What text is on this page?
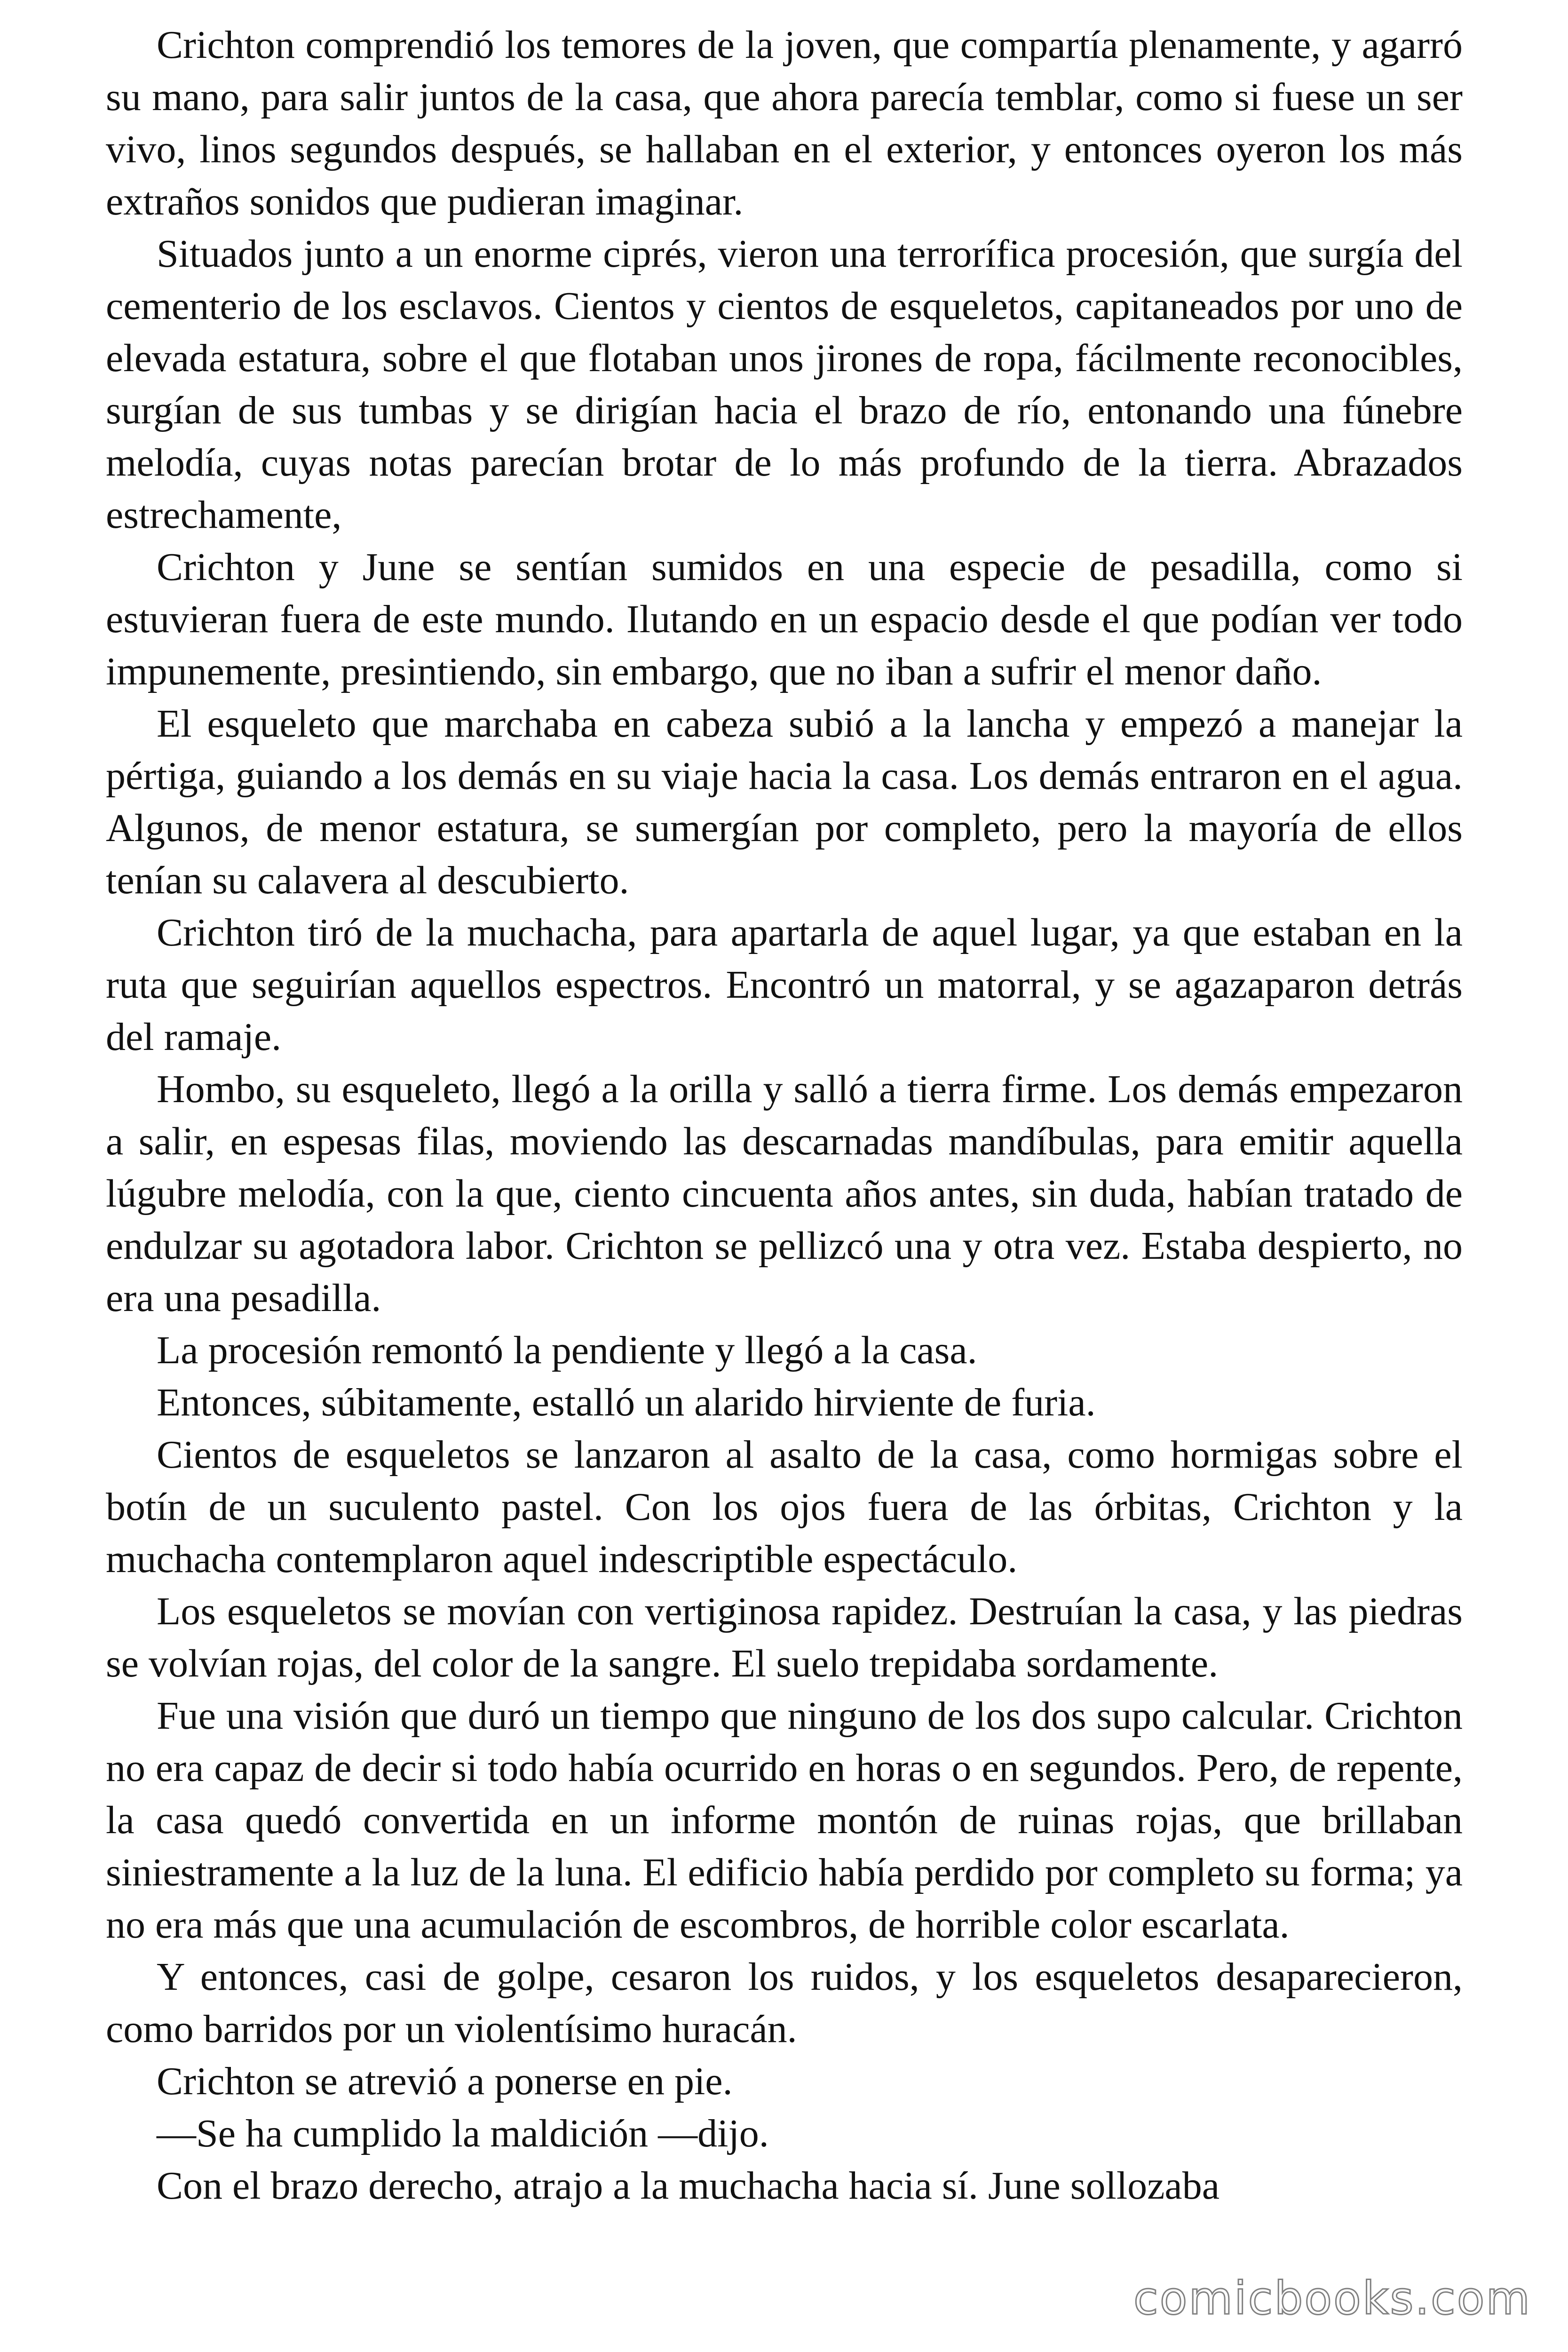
Crichton comprendió los temores de la joven, que compartía plenamente, y agarró su mano, para salir juntos de la casa, que ahora parecía temblar, como si fuese un ser vivo, linos segundos después, se hallaban en el exterior, y entonces oyeron los más extraños sonidos que pudieran imaginar.

Situados junto a un enorme ciprés, vieron una terrorífica procesión, que surgía del cementerio de los esclavos. Cientos y cientos de esqueletos, capitaneados por uno de elevada estatura, sobre el que flotaban unos jirones de ropa, fácilmente reconocibles, surgían de sus tumbas y se dirigían hacia el brazo de río, entonando una fúnebre melodía, cuyas notas parecían brotar de lo más profundo de la tierra. Abrazados estrechamente,

Crichton y June se sentían sumidos en una especie de pesadilla, como si estuvieran fuera de este mundo. Ilutando en un espacio desde el que podían ver todo impunemente, presintiendo, sin embargo, que no iban a sufrir el menor daño.

El esqueleto que marchaba en cabeza subió a la lancha y empezó a manejar la pértiga, guiando a los demás en su viaje hacia la casa. Los demás entraron en el agua. Algunos, de menor estatura, se sumergían por completo, pero la mayoría de ellos tenían su calavera al descubierto.

Crichton tiró de la muchacha, para apartarla de aquel lugar, ya que estaban en la ruta que seguirían aquellos espectros. Encontró un matorral, y se agazaparon detrás del ramaje.

Hombo, su esqueleto, llegó a la orilla y salló a tierra firme. Los demás empezaron a salir, en espesas filas, moviendo las descarnadas mandíbulas, para emitir aquella lúgubre melodía, con la que, ciento cincuenta años antes, sin duda, habían tratado de endulzar su agotadora labor. Crichton se pellizcó una y otra vez. Estaba despierto, no era una pesadilla.

La procesión remontó la pendiente y llegó a la casa.

Entonces, súbitamente, estalló un alarido hirviente de furia.

Cientos de esqueletos se lanzaron al asalto de la casa, como hormigas sobre el botín de un suculento pastel. Con los ojos fuera de las órbitas, Crichton y la muchacha contemplaron aquel indescriptible espectáculo.

Los esqueletos se movían con vertiginosa rapidez. Destruían la casa, y las piedras se volvían rojas, del color de la sangre. El suelo trepidaba sordamente.

Fue una visión que duró un tiempo que ninguno de los dos supo calcular. Crichton no era capaz de decir si todo había ocurrido en horas o en segundos. Pero, de repente, la casa quedó convertida en un informe montón de ruinas rojas, que brillaban siniestramente a la luz de la luna. El edificio había perdido por completo su forma; ya no era más que una acumulación de escombros, de horrible color escarlata.

Y entonces, casi de golpe, cesaron los ruidos, y los esqueletos desaparecieron, como barridos por un violentísimo huracán.

Crichton se atrevió a ponerse en pie.

—Se ha cumplido la maldición —dijo.

Con el brazo derecho, atrajo a la muchacha hacia sí. June sollozaba

comicbooks.com
